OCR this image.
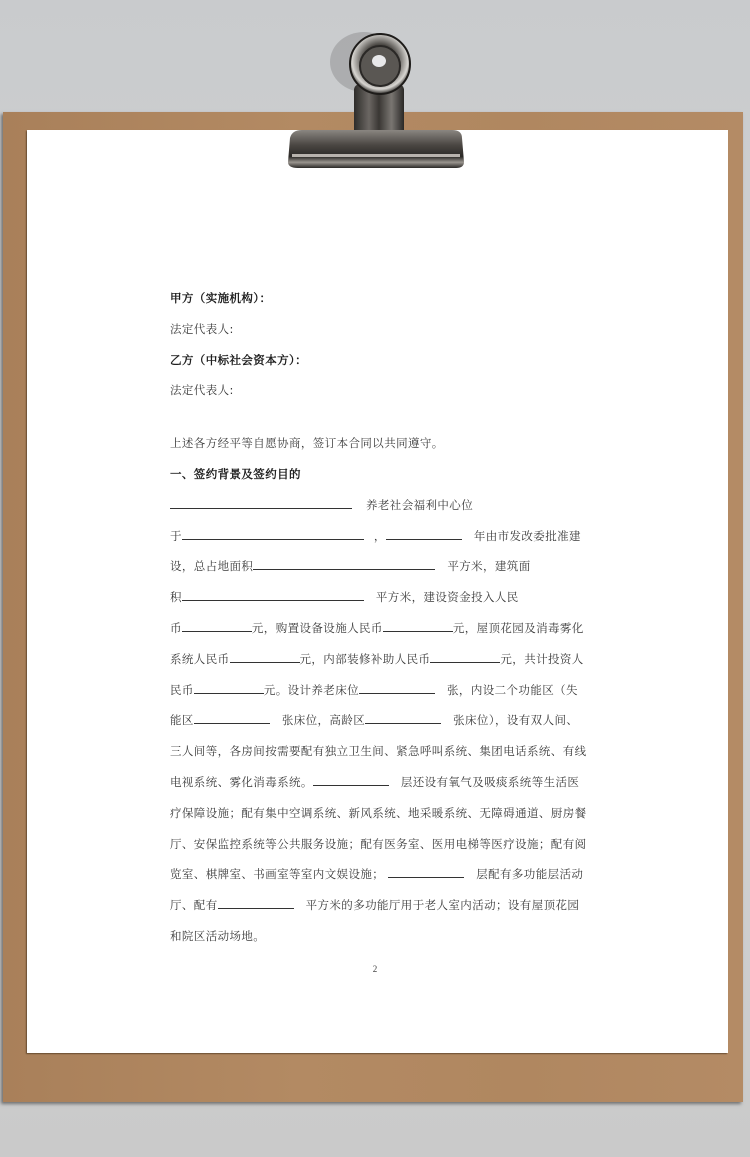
甲方（实施机构）：
法定代表人:
乙方（中标社会资本方）：
法定代表人:
上述各方经平等自愿协商，签订本合同以共同遵守。
一、签约背景及签约目的
养老社会福利中心位
于	，	年由市发改委批准建
设，总占地面积	平方米，建筑面
积	平方米，建设资金投入人民
币	元，购置设备设施人民币	元，屋顶花园及消毒雾化
系统人民币	元，内部装修补助人民币	元，共计投资人
民币	元。设计养老床位	张，内设二个功能区（失
能区	张床位，高龄区	张床位），设有双人间、
三人间等，各房间按需要配有独立卫生间、紧急呼叫系统、集团电话系统、有线
电视系统、雾化消毒系统。	层还设有氧气及吸痰系统等生活医
疗保障设施；配有集中空调系统、新风系统、地采暖系统、无障碍通道、厨房餐
厅、安保监控系统等公共服务设施；配有医务室、医用电梯等医疗设施；配有阅
览室、棋牌室、书画室等室内文娱设施；	层配有多功能层活动
厅、配有	平方米的多功能厅用于老人室内活动；设有屋顶花园
和院区活动场地。
2
